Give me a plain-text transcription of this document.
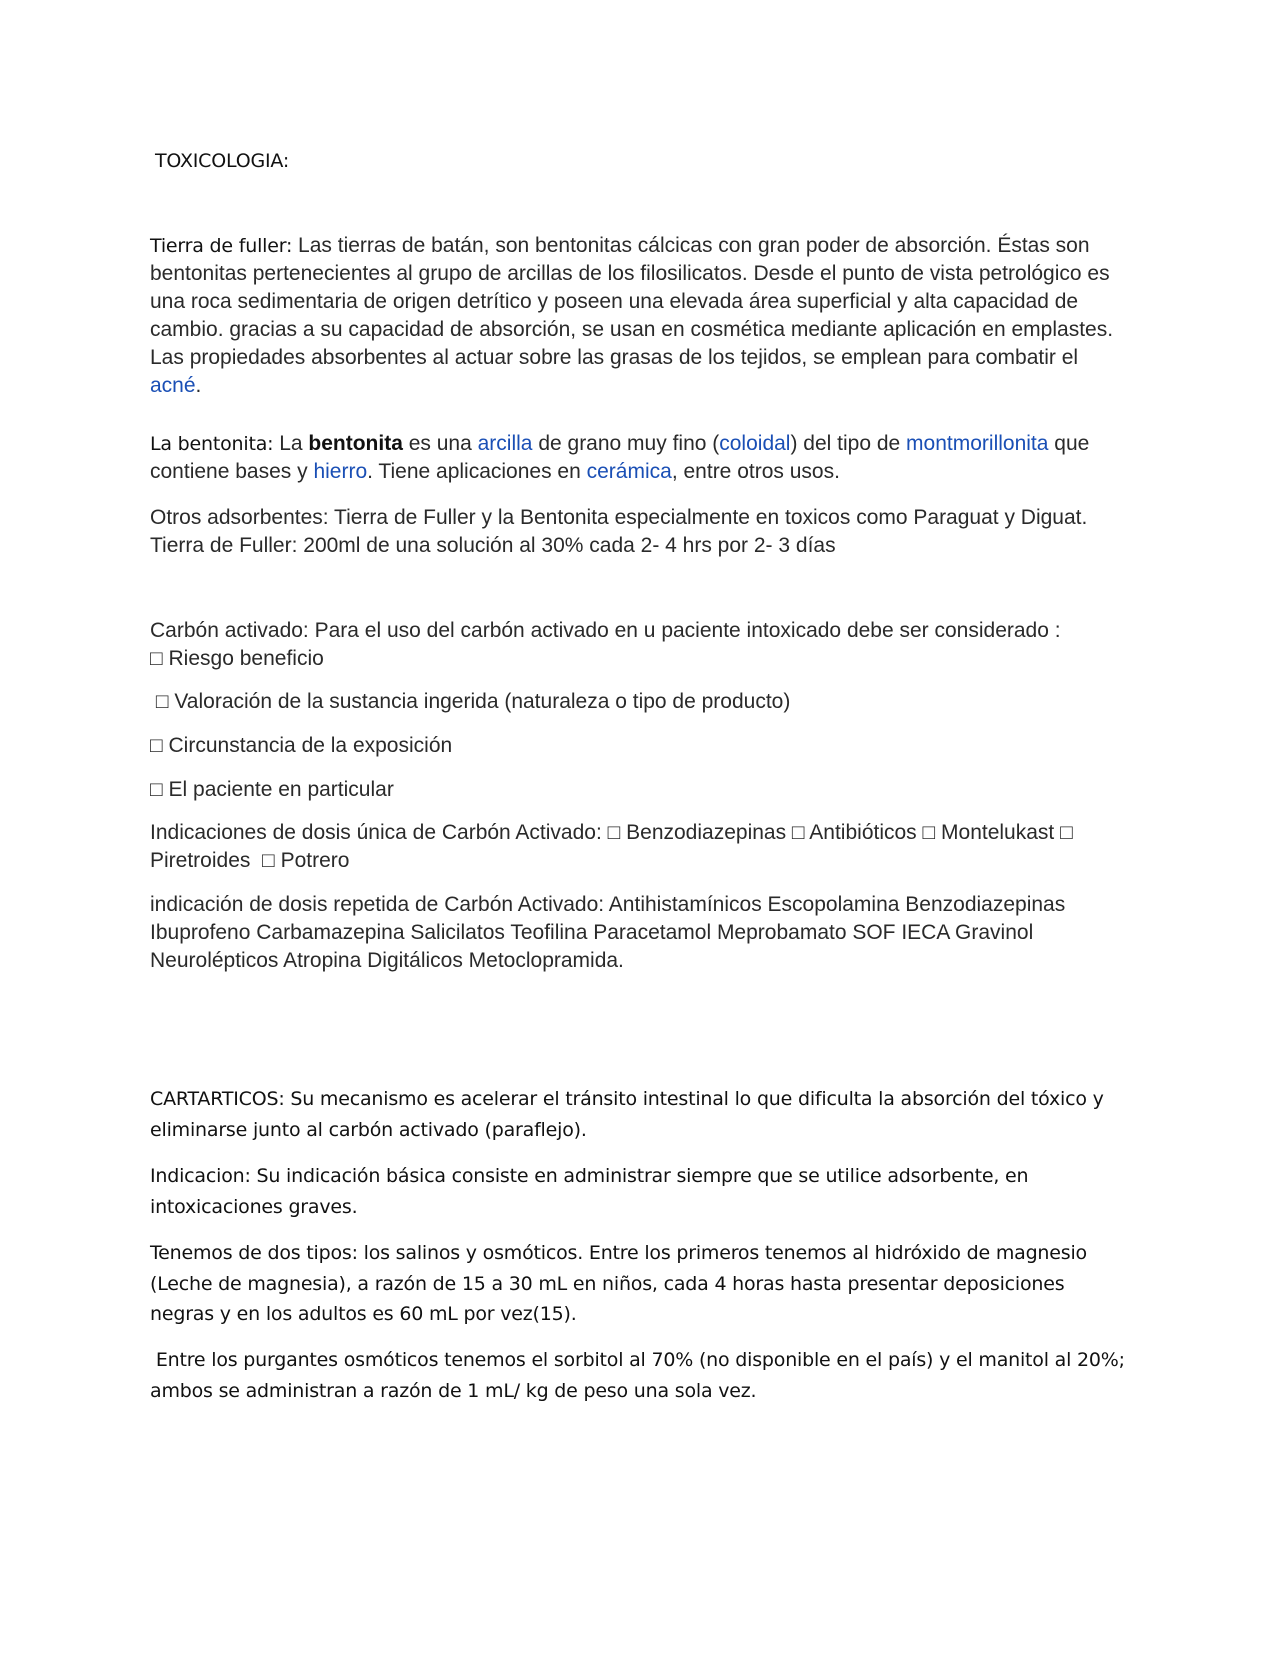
TOXICOLOGIA:

Tierra de fuller: Las tierras de batán, son bentonitas cálcicas con gran poder de absorción. Éstas son bentonitas pertenecientes al grupo de arcillas de los filosilicatos. Desde el punto de vista petrológico es una roca sedimentaria de origen detrítico y poseen una elevada área superficial y alta capacidad de cambio. gracias a su capacidad de absorción, se usan en cosmética mediante aplicación en emplastes. Las propiedades absorbentes al actuar sobre las grasas de los tejidos, se emplean para combatir el acné.

La bentonita: La bentonita es una arcilla de grano muy fino (coloidal) del tipo de montmorillonita que contiene bases y hierro. Tiene aplicaciones en cerámica, entre otros usos.

Otros adsorbentes: Tierra de Fuller y la Bentonita especialmente en toxicos como Paraguat y Diguat. Tierra de Fuller: 200ml de una solución al 30% cada 2- 4 hrs por 2- 3 días

Carbón activado: Para el uso del carbón activado en u paciente intoxicado debe ser considerado :
□ Riesgo beneficio

□ Valoración de la sustancia ingerida (naturaleza o tipo de producto)

□ Circunstancia de la exposición

□ El paciente en particular

Indicaciones de dosis única de Carbón Activado: □ Benzodiazepinas □ Antibióticos □ Montelukast □ Piretroides  □ Potrero

indicación de dosis repetida de Carbón Activado: Antihistamínicos Escopolamina Benzodiazepinas Ibuprofeno Carbamazepina Salicilatos Teofilina Paracetamol Meprobamato SOF IECA Gravinol Neurolépticos Atropina Digitálicos Metoclopramida.

CARTARTICOS: Su mecanismo es acelerar el tránsito intestinal lo que dificulta la absorción del tóxico y eliminarse junto al carbón activado (paraflejo).

Indicacion: Su indicación básica consiste en administrar siempre que se utilice adsorbente, en intoxicaciones graves.

Tenemos de dos tipos: los salinos y osmóticos. Entre los primeros tenemos al hidróxido de magnesio (Leche de magnesia), a razón de 15 a 30 mL en niños, cada 4 horas hasta presentar deposiciones negras y en los adultos es 60 mL por vez(15).

Entre los purgantes osmóticos tenemos el sorbitol al 70% (no disponible en el país) y el manitol al 20%; ambos se administran a razón de 1 mL/ kg de peso una sola vez.
